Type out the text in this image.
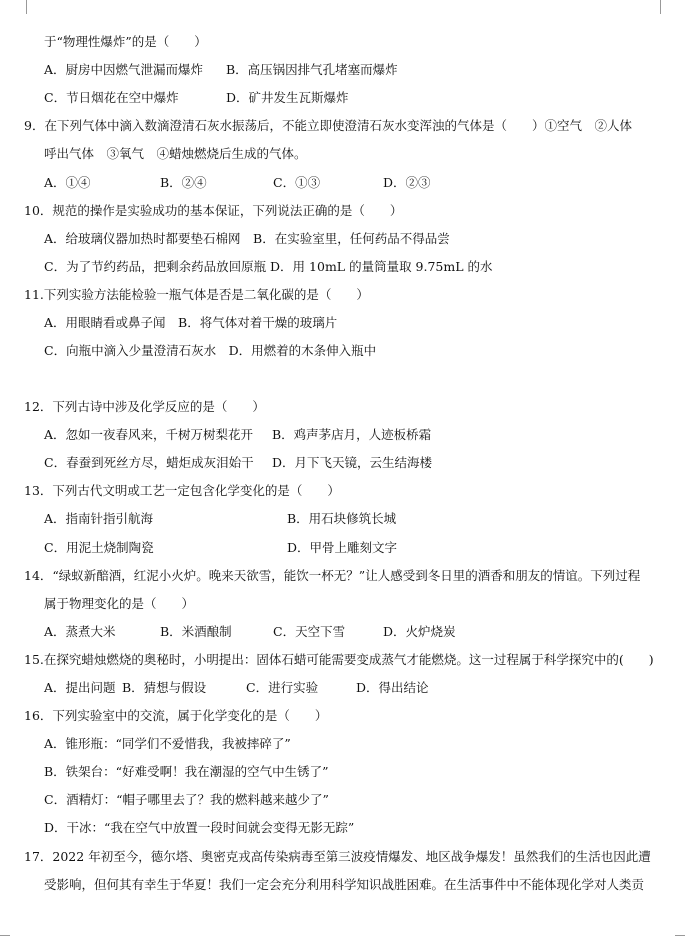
于“物理性爆炸”的是（　　）
A．厨房中因燃气泄漏而爆炸 B．高压锅因排气孔堵塞而爆炸
C．节日烟花在空中爆炸	D．矿井发生瓦斯爆炸
9．在下列气体中滴入数滴澄清石灰水振荡后，不能立即使澄清石灰水变浑浊的气体是（　　）①空气　②人体
呼出气体　③氧气　④蜡烛燃烧后生成的气体。
A．①④	B．②④	C．①③	D．②③
10．规范的操作是实验成功的基本保证，下列说法正确的是（　　）
A．给玻璃仪器加热时都要垫石棉网　B．在实验室里，任何药品不得品尝
C．为了节约药品，把剩余药品放回原瓶 D．用 10mL 的量筒量取 9.75mL 的水
11.下列实验方法能检验一瓶气体是否是二氧化碳的是（　　）
A．用眼睛看或鼻子闻　B．将气体对着干燥的玻璃片
C．向瓶中滴入少量澄清石灰水　D．用燃着的木条伸入瓶中
12．下列古诗中涉及化学反应的是（　　）
A．忽如一夜春风来，千树万树梨花开 B．鸡声茅店月，人迹板桥霜
C．春蚕到死丝方尽，蜡炬成灰泪始干 D．月下飞天镜，云生结海楼
13．下列古代文明或工艺一定包含化学变化的是（　　）
A．指南针指引航海	B．用石块修筑长城
C．用泥土烧制陶瓷	D．甲骨上雕刻文字
14．“绿蚁新醅酒，红泥小火炉。晚来天欲雪，能饮一杯无？”让人感受到冬日里的酒香和朋友的情谊。下列过程
属于物理变化的是（　　）
A．蒸煮大米	B．米酒酿制	C．天空下雪	D．火炉烧炭
15.在探究蜡烛燃烧的奥秘时，小明提出：固体石蜡可能需要变成蒸气才能燃烧。这一过程属于科学探究中的(　　)
A．提出问题 B．猜想与假设	C．进行实验	D．得出结论
16．下列实验室中的交流，属于化学变化的是（　　）
A．锥形瓶：“同学们不爱惜我，我被摔碎了”
B．铁架台：“好难受啊！我在潮湿的空气中生锈了”
C．酒精灯：“帽子哪里去了？我的燃料越来越少了”
D．干冰：“我在空气中放置一段时间就会变得无影无踪”
17．2022 年初至今，德尔塔、奥密克戎高传染病毒至第三波疫情爆发、地区战争爆发！虽然我们的生活也因此遭
受影响，但何其有幸生于华夏！我们一定会充分利用科学知识战胜困难。在生活事件中不能体现化学对人类贡
